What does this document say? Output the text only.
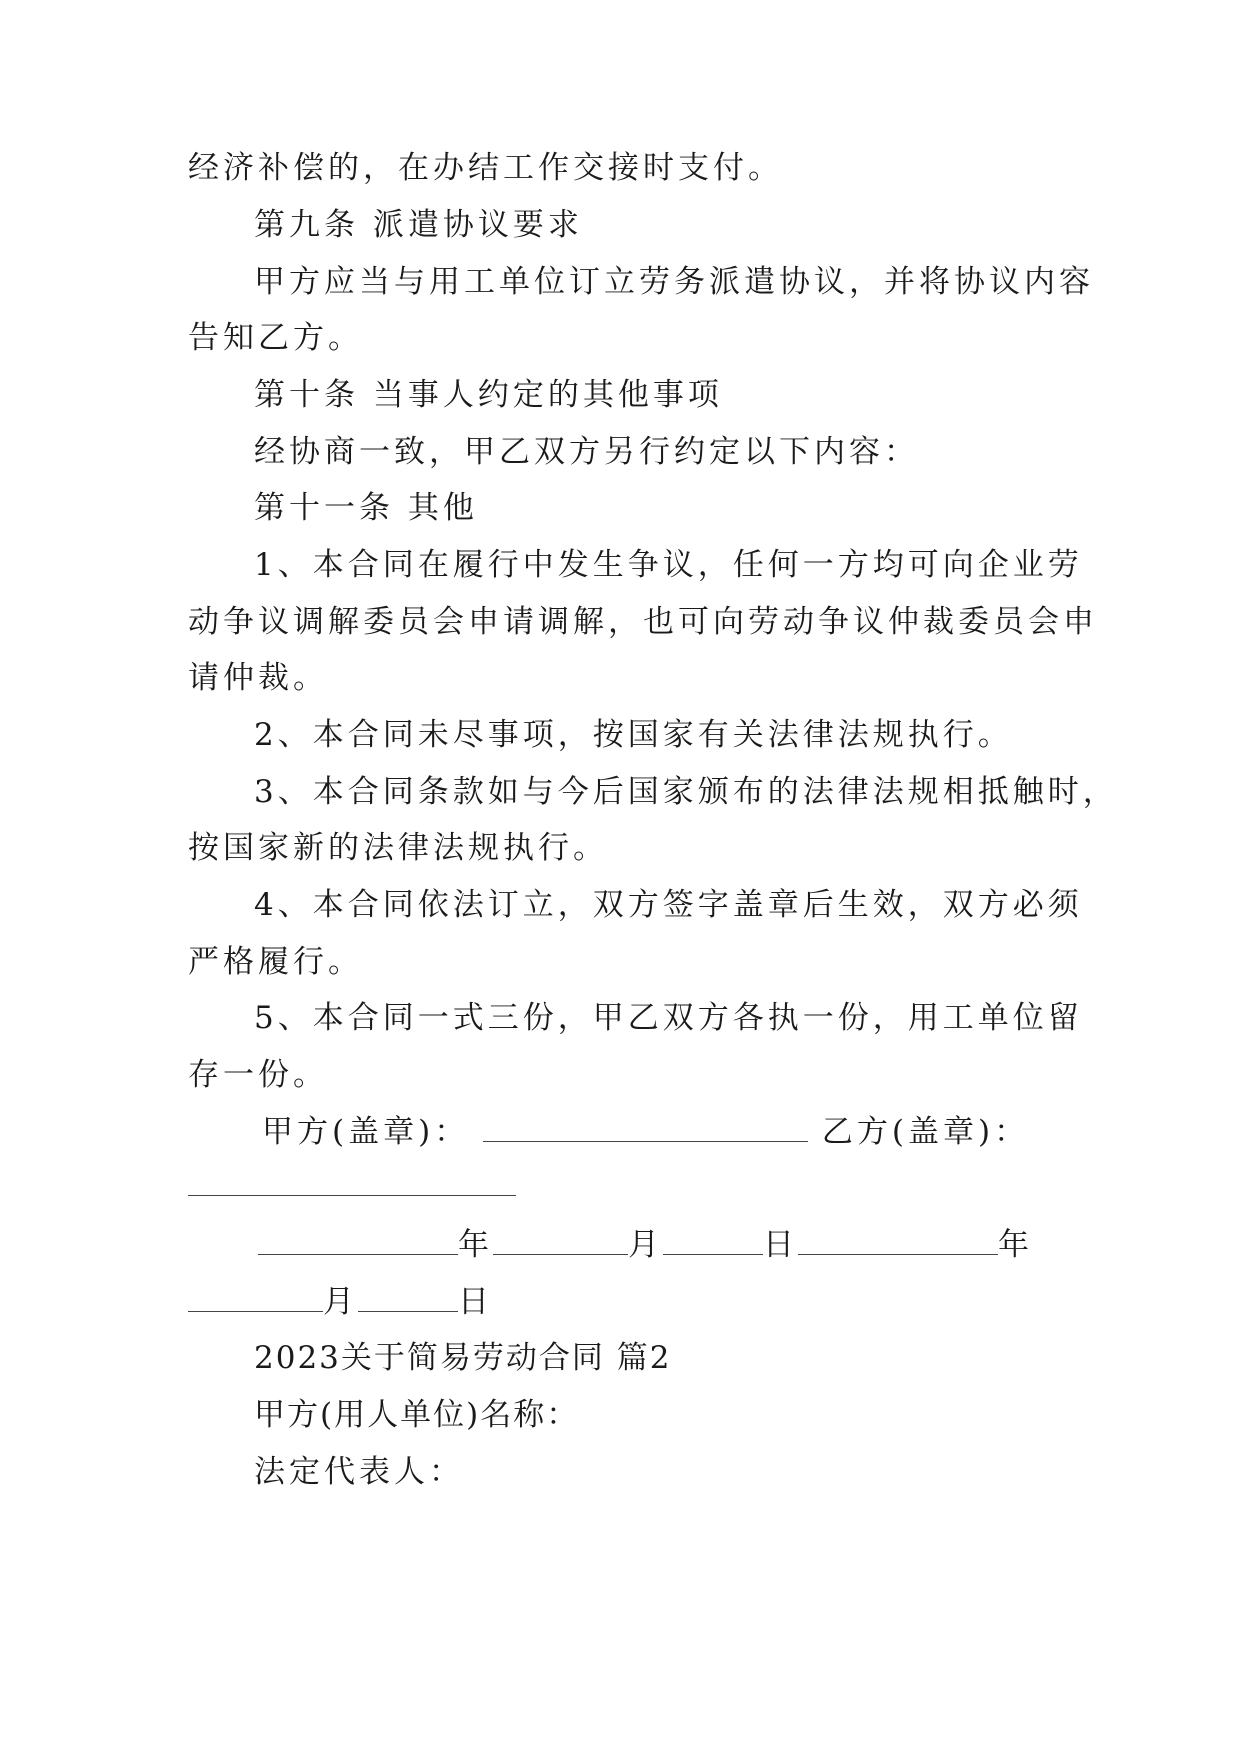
经济补偿的，在办结工作交接时支付。
第九条 派遣协议要求
甲方应当与用工单位订立劳务派遣协议，并将协议内容
告知乙方。
第十条 当事人约定的其他事项
经协商一致，甲乙双方另行约定以下内容：
第十一条 其他
1、本合同在履行中发生争议，任何一方均可向企业劳
动争议调解委员会申请调解，也可向劳动争议仲裁委员会申
请仲裁。
2、本合同未尽事项，按国家有关法律法规执行。
3、本合同条款如与今后国家颁布的法律法规相抵触时，
按国家新的法律法规执行。
4、本合同依法订立，双方签字盖章后生效，双方必须
严格履行。
5、本合同一式三份，甲乙双方各执一份，用工单位留
存一份。
甲方(盖章)：	乙方(盖章)：
年	月	日	年
月	日
2023关于简易劳动合同 篇2
甲方(用人单位)名称：
法定代表人：
